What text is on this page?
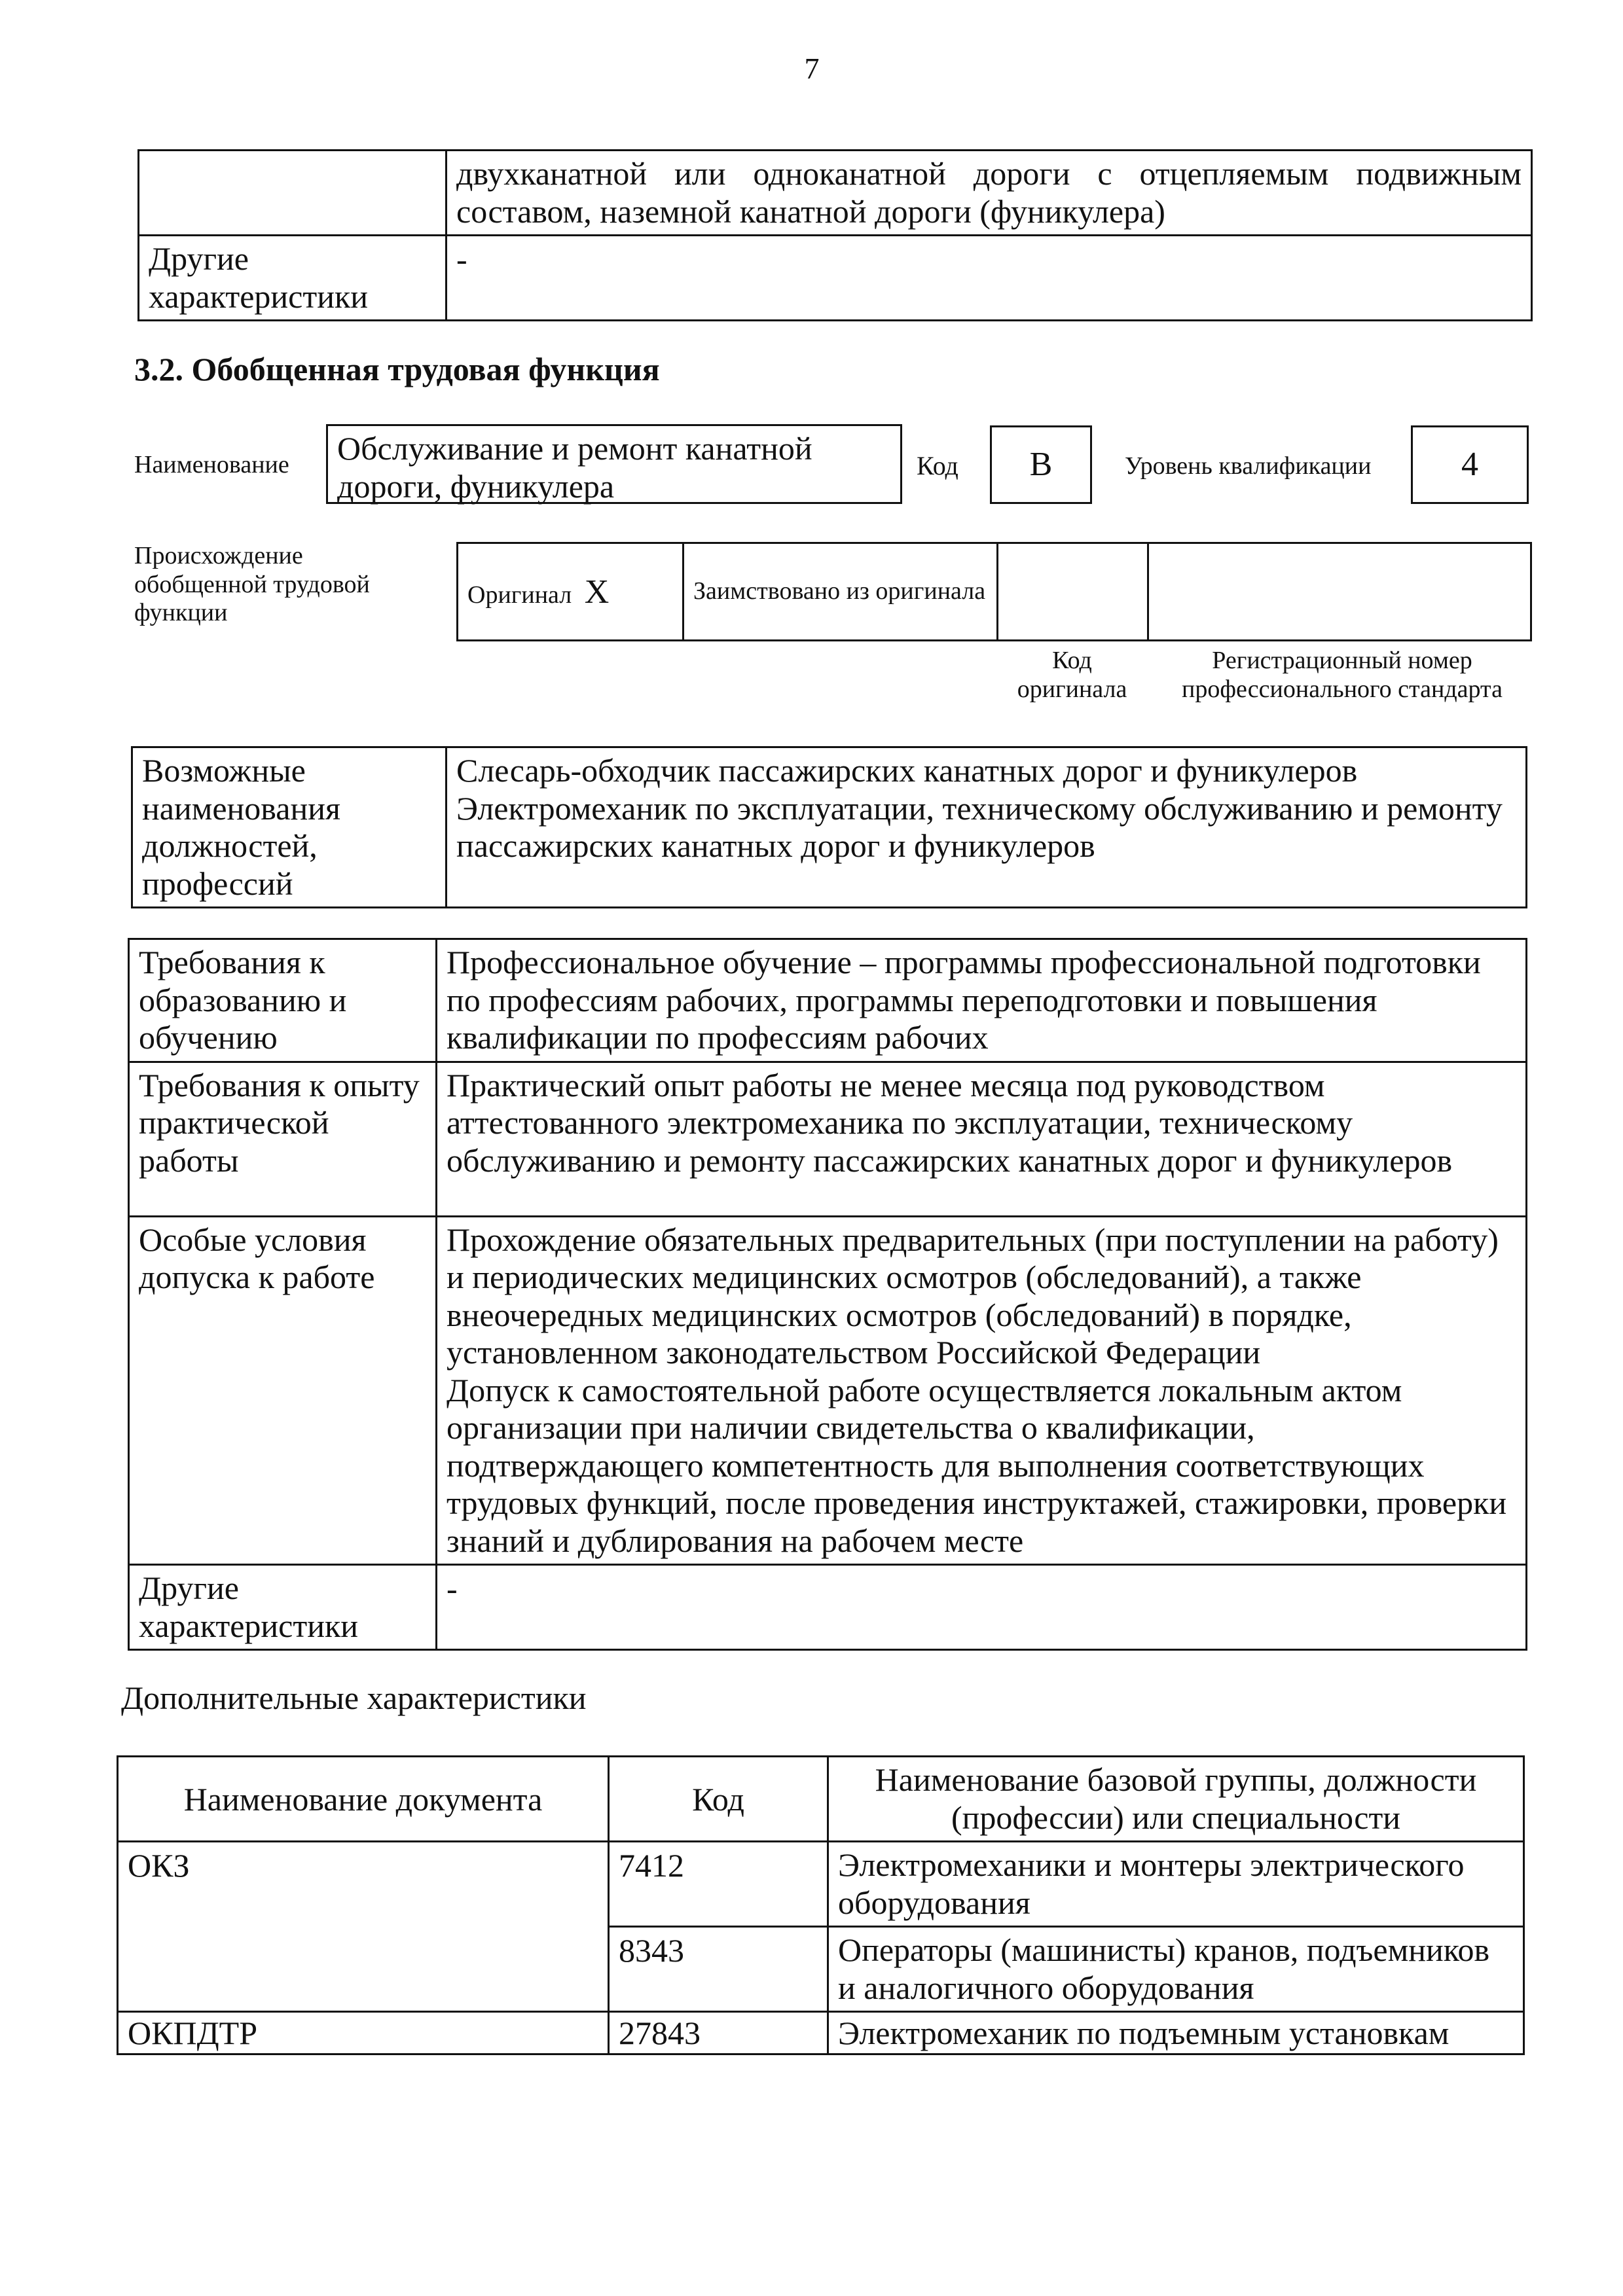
7
	двухканатной или одноканатной дороги с отцепляемым подвижным составом, наземной канатной дороги (фуникулера)
Другие характеристики	-
3.2. Обобщенная трудовая функция
Наименование	Обслуживание и ремонт канатной дороги, фуникулера
Код	В	Уровень квалификации	4
Происхождение обобщенной трудовой функции
Оригинал X	Заимствовано из оригинала		
Код оригинала
Регистрационный номер профессионального стандарта
Возможные наименования должностей, профессий	Слесарь-обходчик пассажирских канатных дорог и фуникулеров
Электромеханик по эксплуатации, техническому обслуживанию и ремонту пассажирских канатных дорог и фуникулеров
Требования к образованию и обучению	Профессиональное обучение – программы профессиональной подготовки по профессиям рабочих, программы переподготовки и повышения квалификации по профессиям рабочих
Требования к опыту практической работы	Практический опыт работы не менее месяца под руководством аттестованного электромеханика по эксплуатации, техническому обслуживанию и ремонту пассажирских канатных дорог и фуникулеров
Особые условия допуска к работе	Прохождение обязательных предварительных (при поступлении на работу) и периодических медицинских осмотров (обследований), а также внеочередных медицинских осмотров (обследований) в порядке, установленном законодательством Российской Федерации
Допуск к самостоятельной работе осуществляется локальным актом организации при наличии свидетельства о квалификации, подтверждающего компетентность для выполнения соответствующих трудовых функций, после проведения инструктажей, стажировки, проверки знаний и дублирования на рабочем месте
Другие характеристики	-
Дополнительные характеристики
Наименование документа	Код	Наименование базовой группы, должности (профессии) или специальности
ОКЗ	7412	Электромеханики и монтеры электрического оборудования
	8343	Операторы (машинисты) кранов, подъемников и аналогичного оборудования
ОКПДТР	27843	Электромеханик по подъемным установкам
